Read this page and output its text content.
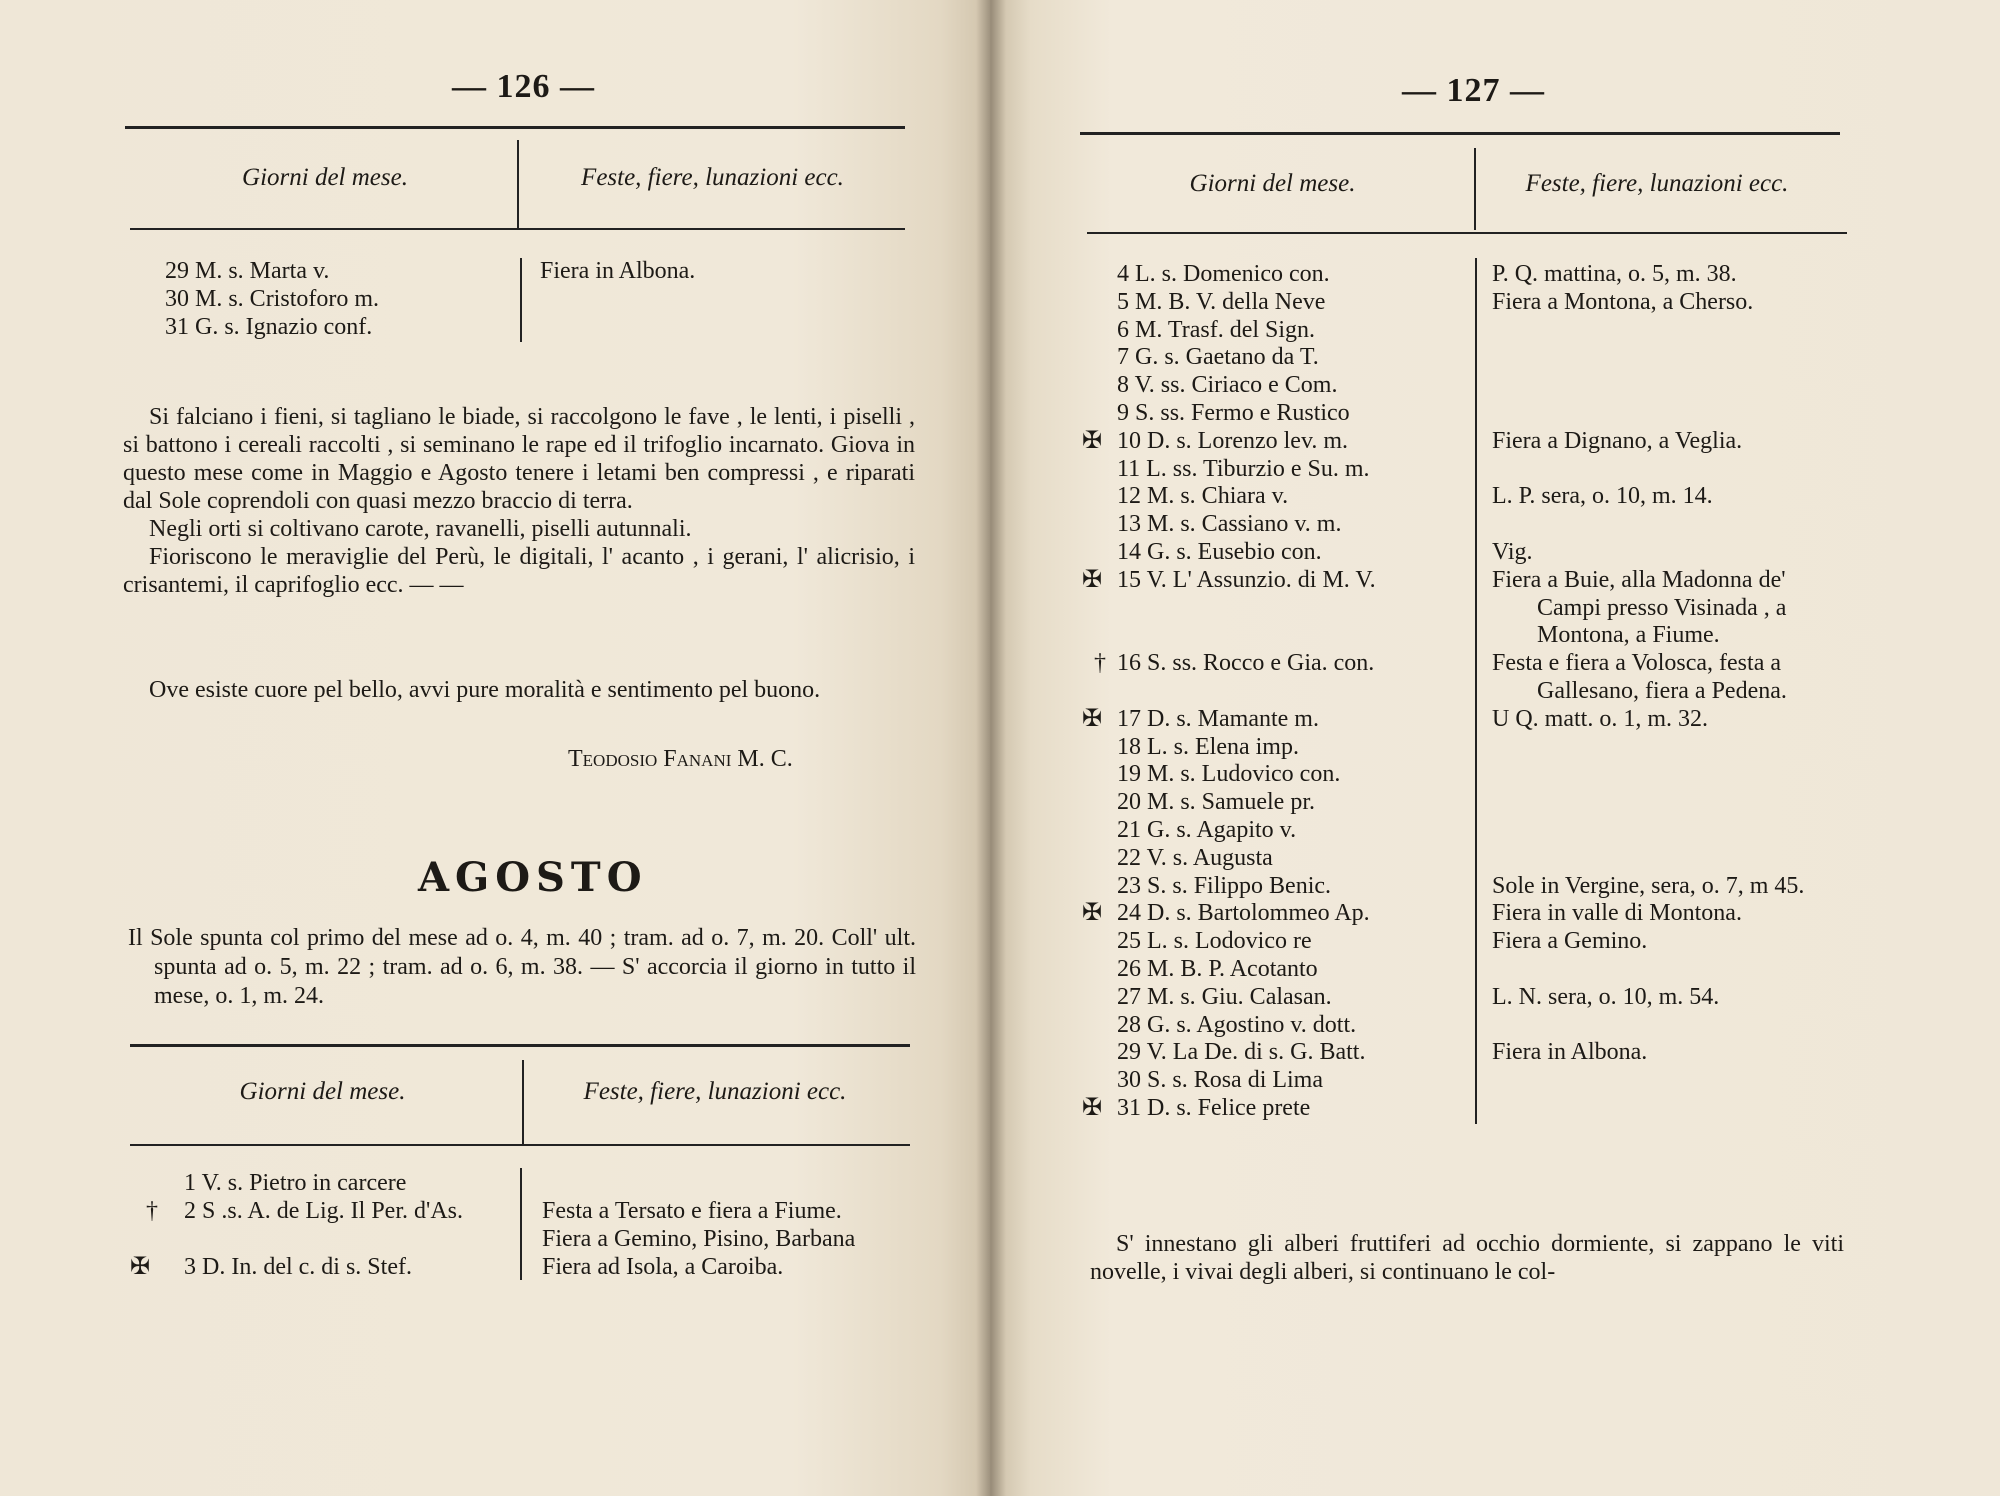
— 126 —
Giorni del mese.	Feste, fiere, lunazioni ecc.
29 M. s. Marta v.	Fiera in Albona.
30 M. s. Cristoforo m.
31 G. s. Ignazio conf.

Si falciano i fieni, si tagliano le biade, si raccolgono le fave , le lenti, i piselli , si battono i cereali raccolti , si seminano le rape ed il trifoglio incarnato. Giova in questo mese come in Maggio e Agosto tenere i letami ben compressi , e riparati dal Sole coprendoli con quasi mezzo braccio di terra.

Negli orti si coltivano carote, ravanelli, piselli autunnali.

Fioriscono le meraviglie del Perù, le digitali, l' acanto , i gerani, l' alicrisio, i crisantemi, il caprifoglio ecc. — —

Ove esiste cuore pel bello, avvi pure moralità e sentimento pel buono.

Teodosio Fanani M. C.
AGOSTO

Il Sole spunta col primo del mese ad o. 4, m. 40 ; tram. ad o. 7, m. 20. Coll' ult. spunta ad o. 5, m. 22 ; tram. ad o. 6, m. 38. — S' accorcia il giorno in tutto il mese, o. 1, m. 24.

Giorni del mese.	Feste, fiere, lunazioni ecc.
1 V. s. Pietro in carcere
† 2 S .s. A. de Lig. Il Per. d'As.	Festa a Tersato e fiera a Fiume.
Fiera a Gemino, Pisino, Barbana
✠ 3 D. In. del c. di s. Stef.	Fiera ad Isola, a Caroiba.
— 127 —
Giorni del mese.	Feste, fiere, lunazioni ecc.
4 L. s. Domenico con.	P. Q. mattina, o. 5, m. 38.
5 M. B. V. della Neve	Fiera a Montona, a Cherso.
6 M. Trasf. del Sign.
7 G. s. Gaetano da T.
8 V. ss. Ciriaco e Com.
9 S. ss. Fermo e Rustico
✠ 10 D. s. Lorenzo lev. m.	Fiera a Dignano, a Veglia.
11 L. ss. Tiburzio e Su. m.
12 M. s. Chiara v.	L. P. sera, o. 10, m. 14.
13 M. s. Cassiano v. m.
14 G. s. Eusebio con.	Vig.
✠ 15 V. L' Assunzio. di M. V.	Fiera a Buie, alla Madonna de'
Campi presso Visinada , a
Montona, a Fiume.
† 16 S. ss. Rocco e Gia. con.	Festa e fiera a Volosca, festa a
Gallesano, fiera a Pedena.
✠ 17 D. s. Mamante m.	U Q. matt. o. 1, m. 32.
18 L. s. Elena imp.
19 M. s. Ludovico con.
20 M. s. Samuele pr.
21 G. s. Agapito v.
22 V. s. Augusta
23 S. s. Filippo Benic.	Sole in Vergine, sera, o. 7, m 45.
✠ 24 D. s. Bartolommeo Ap.	Fiera in valle di Montona.
25 L. s. Lodovico re	Fiera a Gemino.
26 M. B. P. Acotanto
27 M. s. Giu. Calasan.	L. N. sera, o. 10, m. 54.
28 G. s. Agostino v. dott.
29 V. La De. di s. G. Batt.	Fiera in Albona.
30 S. s. Rosa di Lima
✠ 31 D. s. Felice prete

S' innestano gli alberi fruttiferi ad occhio dormiente, si zappano le viti novelle, i vivai degli alberi, si continuano le col-
